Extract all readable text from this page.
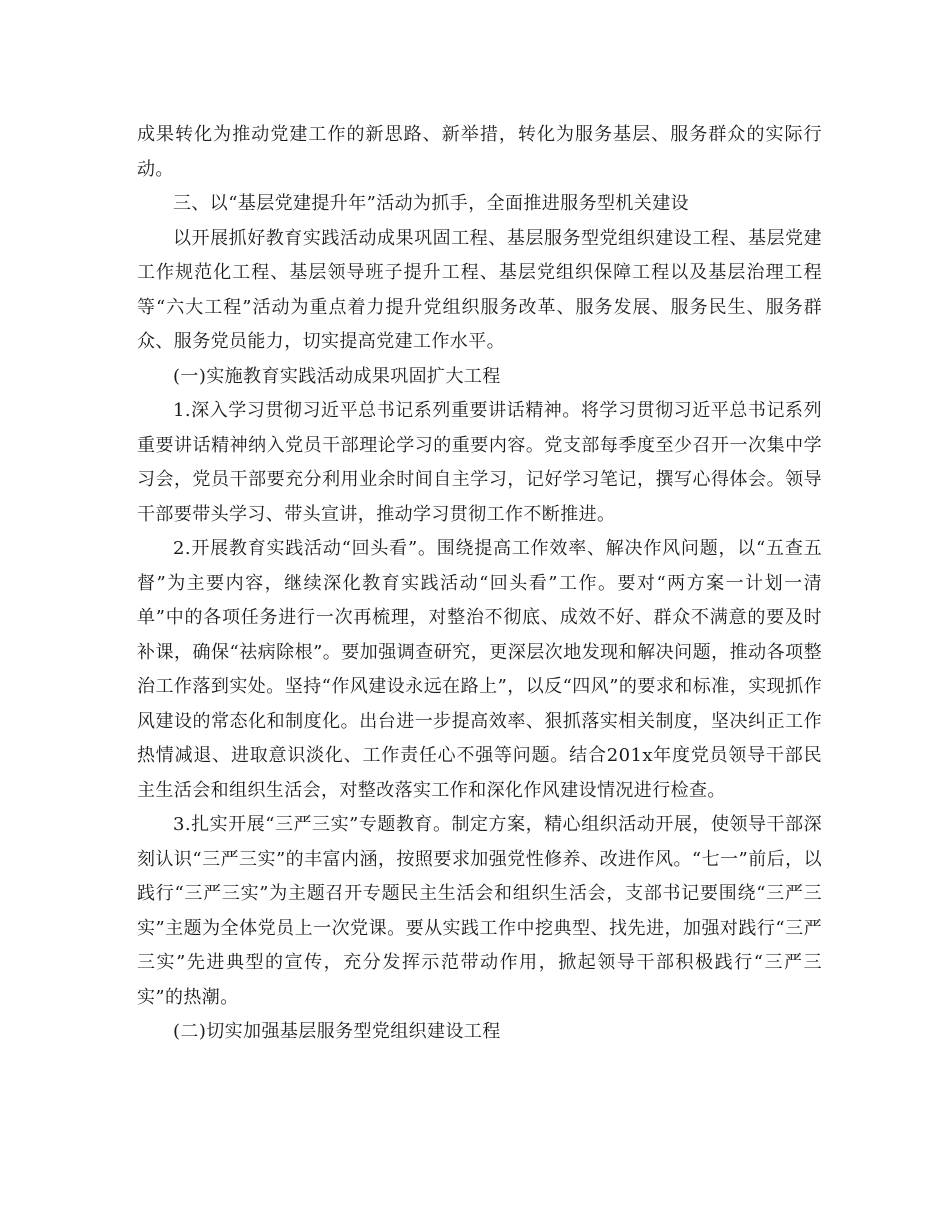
成果转化为推动党建工作的新思路、新举措，转化为服务基层、服务群众的实际行动。

三、以“基层党建提升年”活动为抓手，全面推进服务型机关建设

以开展抓好教育实践活动成果巩固工程、基层服务型党组织建设工程、基层党建工作规范化工程、基层领导班子提升工程、基层党组织保障工程以及基层治理工程等“六大工程”活动为重点着力提升党组织服务改革、服务发展、服务民生、服务群众、服务党员能力，切实提高党建工作水平。

(一)实施教育实践活动成果巩固扩大工程

1.深入学习贯彻习近平总书记系列重要讲话精神。将学习贯彻习近平总书记系列重要讲话精神纳入党员干部理论学习的重要内容。党支部每季度至少召开一次集中学习会，党员干部要充分利用业余时间自主学习，记好学习笔记，撰写心得体会。领导干部要带头学习、带头宣讲，推动学习贯彻工作不断推进。

2.开展教育实践活动“回头看”。围绕提高工作效率、解决作风问题，以“五查五督”为主要内容，继续深化教育实践活动“回头看”工作。要对“两方案一计划一清单”中的各项任务进行一次再梳理，对整治不彻底、成效不好、群众不满意的要及时补课，确保“祛病除根”。要加强调查研究，更深层次地发现和解决问题，推动各项整治工作落到实处。坚持“作风建设永远在路上”，以反“四风”的要求和标准，实现抓作风建设的常态化和制度化。出台进一步提高效率、狠抓落实相关制度，坚决纠正工作热情减退、进取意识淡化、工作责任心不强等问题。结合201x年度党员领导干部民主生活会和组织生活会，对整改落实工作和深化作风建设情况进行检查。

3.扎实开展“三严三实”专题教育。制定方案，精心组织活动开展，使领导干部深刻认识“三严三实”的丰富内涵，按照要求加强党性修养、改进作风。“七一”前后，以践行“三严三实”为主题召开专题民主生活会和组织生活会，支部书记要围绕“三严三实”主题为全体党员上一次党课。要从实践工作中挖典型、找先进，加强对践行“三严三实”先进典型的宣传，充分发挥示范带动作用，掀起领导干部积极践行“三严三实”的热潮。

(二)切实加强基层服务型党组织建设工程
